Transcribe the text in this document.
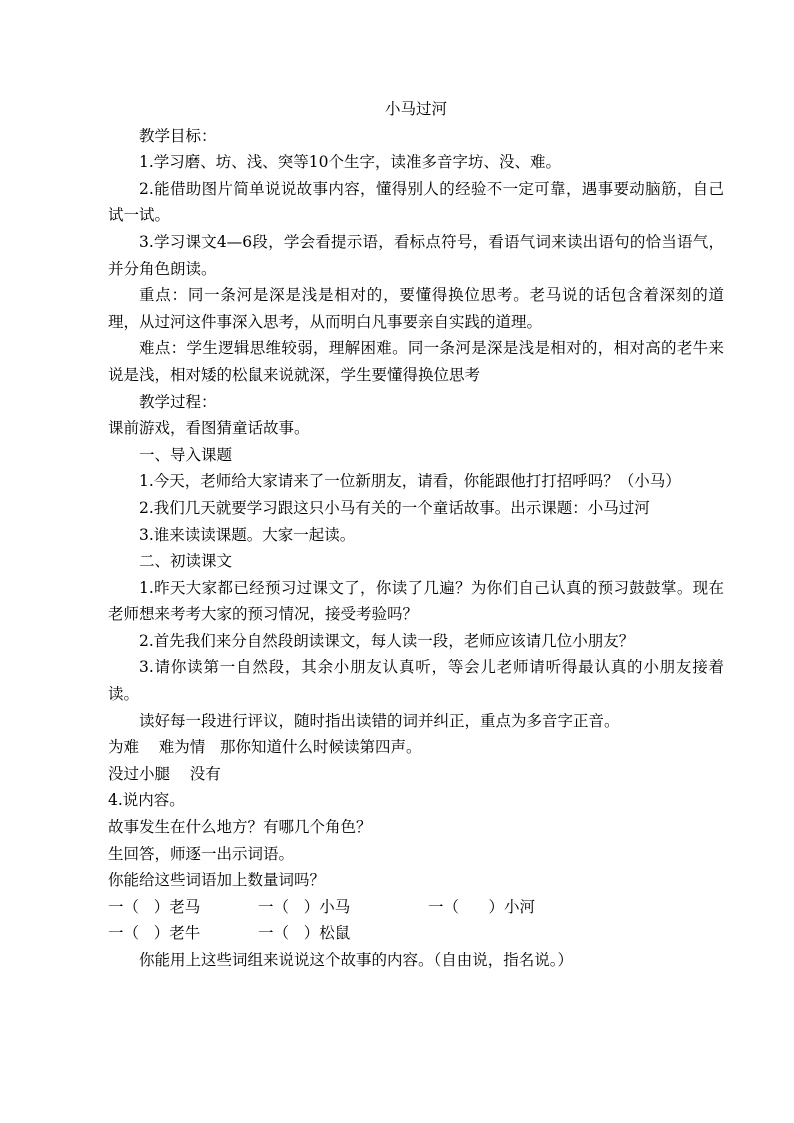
小马过河

教学目标：

1.学习磨、坊、浅、突等10个生字，读准多音字坊、没、难。

2.能借助图片简单说说故事内容，懂得别人的经验不一定可靠，遇事要动脑筋，自己试一试。

3.学习课文4—6段，学会看提示语，看标点符号，看语气词来读出语句的恰当语气，并分角色朗读。

重点：同一条河是深是浅是相对的，要懂得换位思考。老马说的话包含着深刻的道理，从过河这件事深入思考，从而明白凡事要亲自实践的道理。

难点：学生逻辑思维较弱，理解困难。同一条河是深是浅是相对的，相对高的老牛来说是浅，相对矮的松鼠来说就深，学生要懂得换位思考

教学过程：

课前游戏，看图猜童话故事。

一、导入课题

1.今天，老师给大家请来了一位新朋友，请看，你能跟他打打招呼吗？（小马）

2.我们几天就要学习跟这只小马有关的一个童话故事。出示课题：小马过河

3.谁来读读课题。大家一起读。

二、初读课文

1.昨天大家都已经预习过课文了，你读了几遍？为你们自己认真的预习鼓鼓掌。现在老师想来考考大家的预习情况，接受考验吗？

2.首先我们来分自然段朗读课文，每人读一段，老师应该请几位小朋友？

3.请你读第一自然段，其余小朋友认真听，等会儿老师请听得最认真的小朋友接着读。

读好每一段进行评议，随时指出读错的词并纠正，重点为多音字正音。

为难    难为情   那你知道什么时候读第四声。

没过小腿    没有

4.说内容。

故事发生在什么地方？有哪几个角色？

生回答，师逐一出示词语。

你能给这些词语加上数量词吗？

一（   ）老马	一（   ）小马	一（      ）小河
一（   ）老牛	一（   ）松鼠

你能用上这些词组来说说这个故事的内容。（自由说，指名说。）
